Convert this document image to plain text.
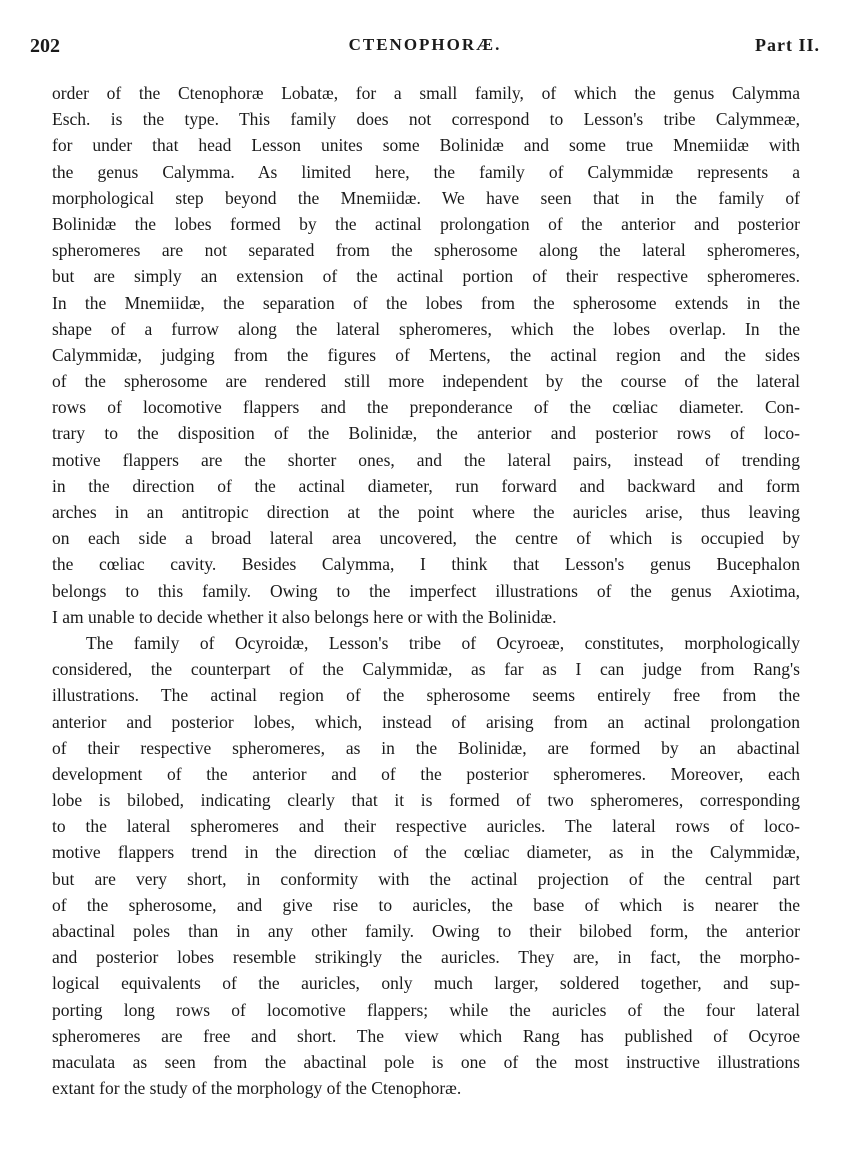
202	CTENOPHORÆ.	Part II.
order of the Ctenophoræ Lobatæ, for a small family, of which the genus Calymma
Esch. is the type. This family does not correspond to Lesson's tribe Calymmeæ,
for under that head Lesson unites some Bolinidæ and some true Mnemiidæ with
the genus Calymma. As limited here, the family of Calymmidæ represents a
morphological step beyond the Mnemiidæ. We have seen that in the family of
Bolinidæ the lobes formed by the actinal prolongation of the anterior and posterior
spheromeres are not separated from the spherosome along the lateral spheromeres,
but are simply an extension of the actinal portion of their respective spheromeres.
In the Mnemiidæ, the separation of the lobes from the spherosome extends in the
shape of a furrow along the lateral spheromeres, which the lobes overlap. In the
Calymmidæ, judging from the figures of Mertens, the actinal region and the sides
of the spherosome are rendered still more independent by the course of the lateral
rows of locomotive flappers and the preponderance of the cœliac diameter. Con-
trary to the disposition of the Bolinidæ, the anterior and posterior rows of loco-
motive flappers are the shorter ones, and the lateral pairs, instead of trending
in the direction of the actinal diameter, run forward and backward and form
arches in an antitropic direction at the point where the auricles arise, thus leaving
on each side a broad lateral area uncovered, the centre of which is occupied by
the cœliac cavity. Besides Calymma, I think that Lesson's genus Bucephalon
belongs to this family. Owing to the imperfect illustrations of the genus Axiotima,
I am unable to decide whether it also belongs here or with the Bolinidæ.
The family of Ocyroidæ, Lesson's tribe of Ocyroeæ, constitutes, morphologically
considered, the counterpart of the Calymmidæ, as far as I can judge from Rang's
illustrations. The actinal region of the spherosome seems entirely free from the
anterior and posterior lobes, which, instead of arising from an actinal prolongation
of their respective spheromeres, as in the Bolinidæ, are formed by an abactinal
development of the anterior and of the posterior spheromeres. Moreover, each
lobe is bilobed, indicating clearly that it is formed of two spheromeres, corresponding
to the lateral spheromeres and their respective auricles. The lateral rows of loco-
motive flappers trend in the direction of the cœliac diameter, as in the Calymmidæ,
but are very short, in conformity with the actinal projection of the central part
of the spherosome, and give rise to auricles, the base of which is nearer the
abactinal poles than in any other family. Owing to their bilobed form, the anterior
and posterior lobes resemble strikingly the auricles. They are, in fact, the morpho-
logical equivalents of the auricles, only much larger, soldered together, and sup-
porting long rows of locomotive flappers; while the auricles of the four lateral
spheromeres are free and short. The view which Rang has published of Ocyroe
maculata as seen from the abactinal pole is one of the most instructive illustrations
extant for the study of the morphology of the Ctenophoræ.
